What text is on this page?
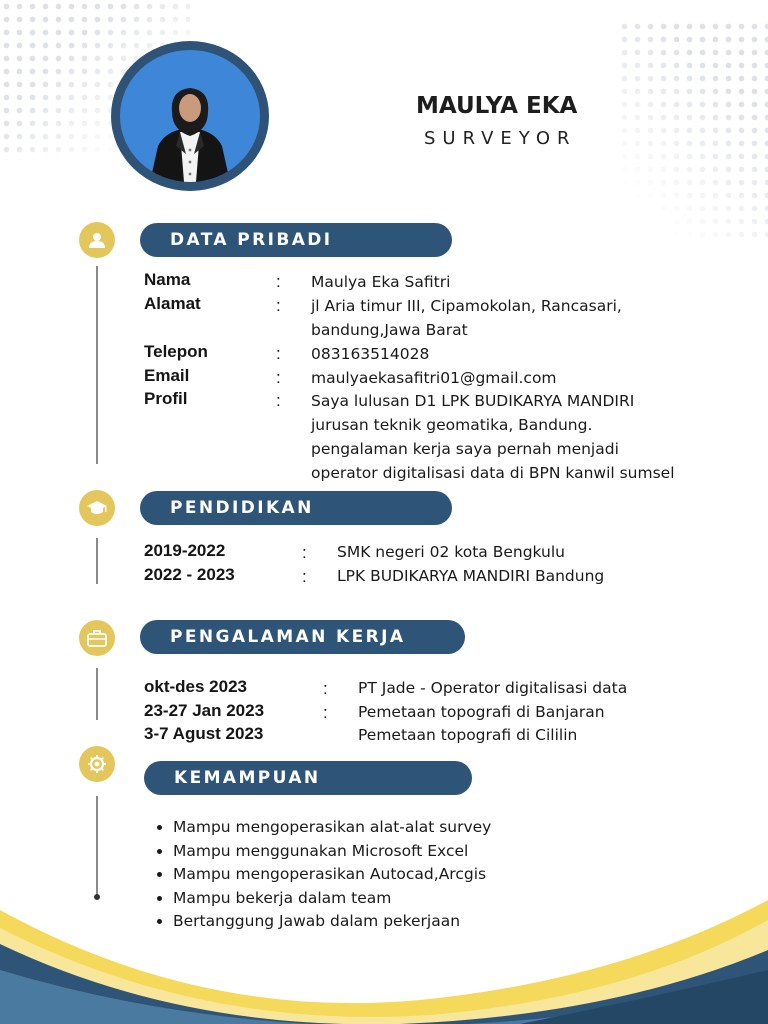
MAULYA EKA
SURVEYOR
DATA PRIBADI
Nama	: Maulya Eka Safitri
Alamat	: jl Aria timur III, Cipamokolan, Rancasari,
bandung,Jawa Barat
Telepon	: 083163514028
Email	: maulyaekasafitri01@gmail.com
Profil	: Saya lulusan D1 LPK BUDIKARYA MANDIRI
jurusan teknik geomatika, Bandung.
pengalaman kerja saya pernah menjadi
operator digitalisasi data di BPN kanwil sumsel
PENDIDIKAN
2019-2022	: SMK negeri 02 kota Bengkulu
2022 - 2023	: LPK BUDIKARYA MANDIRI Bandung
PENGALAMAN KERJA
okt-des 2023	: PT Jade - Operator digitalisasi data
23-27 Jan 2023	: Pemetaan topografi di Banjaran
3-7 Agust 2023	Pemetaan topografi di Cililin
KEMAMPUAN
• Mampu mengoperasikan alat-alat survey
• Mampu menggunakan Microsoft Excel
• Mampu mengoperasikan Autocad,Arcgis
• Mampu bekerja dalam team
• Bertanggung Jawab dalam pekerjaan
